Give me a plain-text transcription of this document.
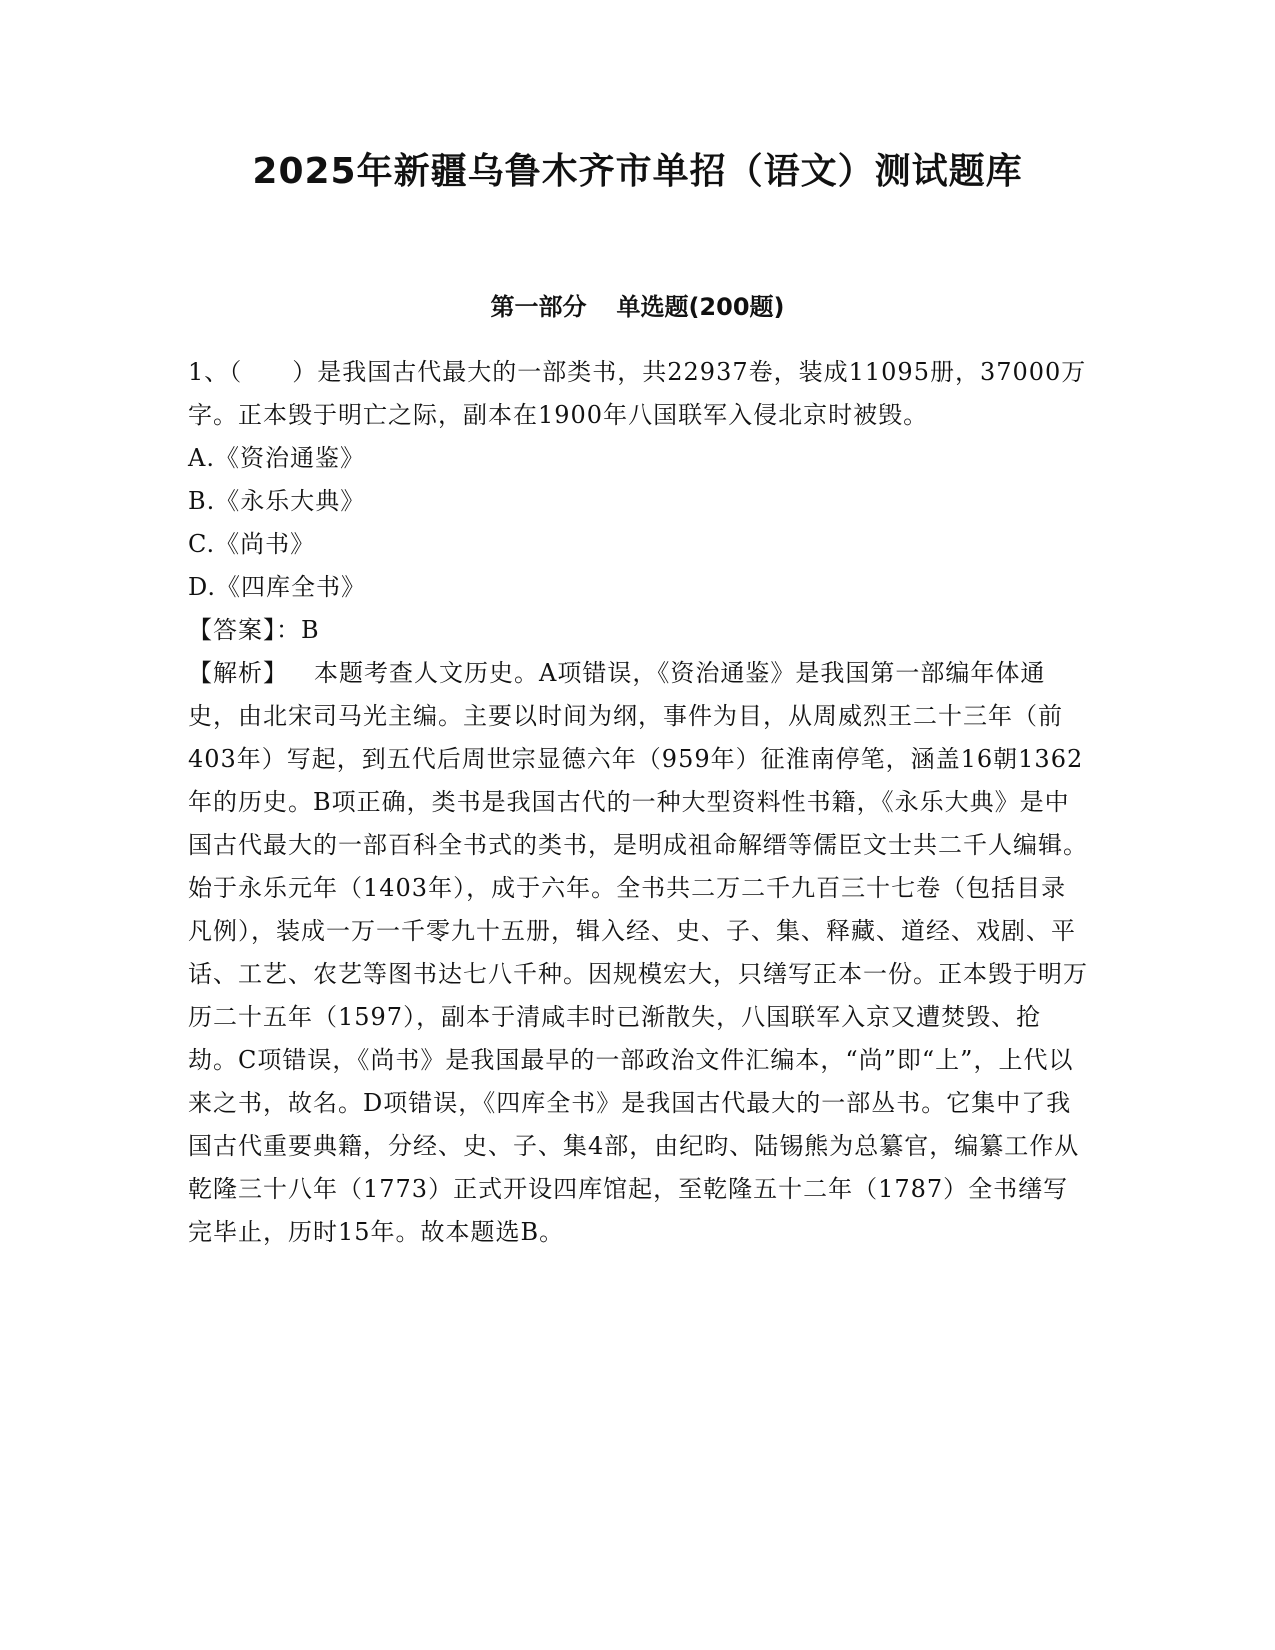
2025年新疆乌鲁木齐市单招（语文）测试题库
第一部分 单选题(200题)

1、（　　）是我国古代最大的一部类书，共22937卷，装成11095册，37000万字。正本毁于明亡之际，副本在1900年八国联军入侵北京时被毁。

A.《资治通鉴》
B.《永乐大典》
C.《尚书》
D.《四库全书》

【答案】：B

【解析】 本题考查人文历史。A项错误，《资治通鉴》是我国第一部编年体通史，由北宋司马光主编。主要以时间为纲，事件为目，从周威烈王二十三年（前403年）写起，到五代后周世宗显德六年（959年）征淮南停笔，涵盖16朝1362年的历史。B项正确，类书是我国古代的一种大型资料性书籍，《永乐大典》是中国古代最大的一部百科全书式的类书，是明成祖命解缙等儒臣文士共二千人编辑。始于永乐元年（1403年），成于六年。全书共二万二千九百三十七卷（包括目录凡例），装成一万一千零九十五册，辑入经、史、子、集、释藏、道经、戏剧、平话、工艺、农艺等图书达七八千种。因规模宏大，只缮写正本一份。正本毁于明万历二十五年（1597），副本于清咸丰时已渐散失，八国联军入京又遭焚毁、抢劫。C项错误，《尚书》是我国最早的一部政治文件汇编本，“尚”即“上”，上代以来之书，故名。D项错误，《四库全书》是我国古代最大的一部丛书。它集中了我国古代重要典籍，分经、史、子、集4部，由纪昀、陆锡熊为总纂官，编纂工作从乾隆三十八年（1773）正式开设四库馆起，至乾隆五十二年（1787）全书缮写完毕止，历时15年。故本题选B。
